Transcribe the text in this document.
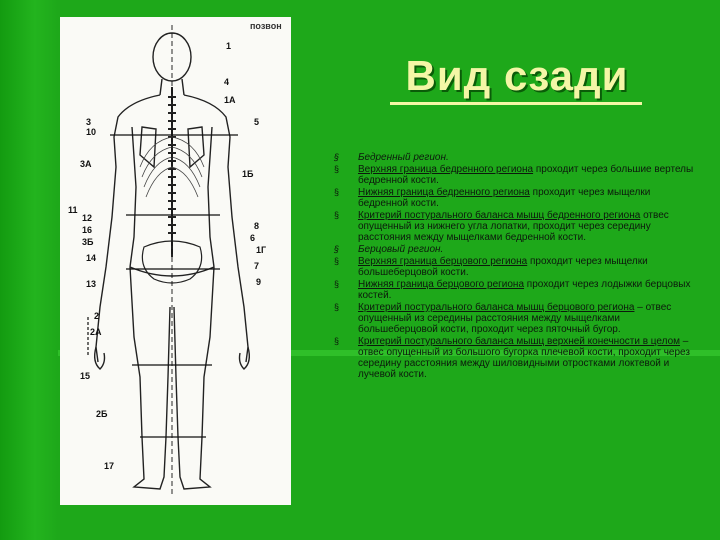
позвон
1
4
1А
3
10
5
3А
1Б
11
12
16
3Б
14
6
8
1Г
7
13	9
2
2А
15
2Б
17
Вид сзади
§ Бедренный регион.
§ Верхняя граница бедренного региона проходит через большие вертелы бедренной кости.
§ Нижняя граница бедренного региона проходит через мыщелки бедренной кости.
§ Критерий постурального баланса мышц бедренного региона отвес опущенный из нижнего угла лопатки, проходит через середину расстояния между мыщелками бедренной кости.
§ Берцовый регион.
§ Верхняя граница берцового региона проходит через мыщелки большеберцовой кости.
§ Нижняя граница берцового региона проходит через лодыжки берцовых костей.
§ Критерий постурального баланса мышц берцового региона – отвес опущенный из середины расстояния между мыщелками большеберцовой кости, проходит через пяточный бугор.
§ Критерий постурального баланса мышц верхней конечности в целом – отвес опущенный из большого бугорка плечевой кости, проходит через середину расстояния между шиловидными отростками локтевой и лучевой кости.
